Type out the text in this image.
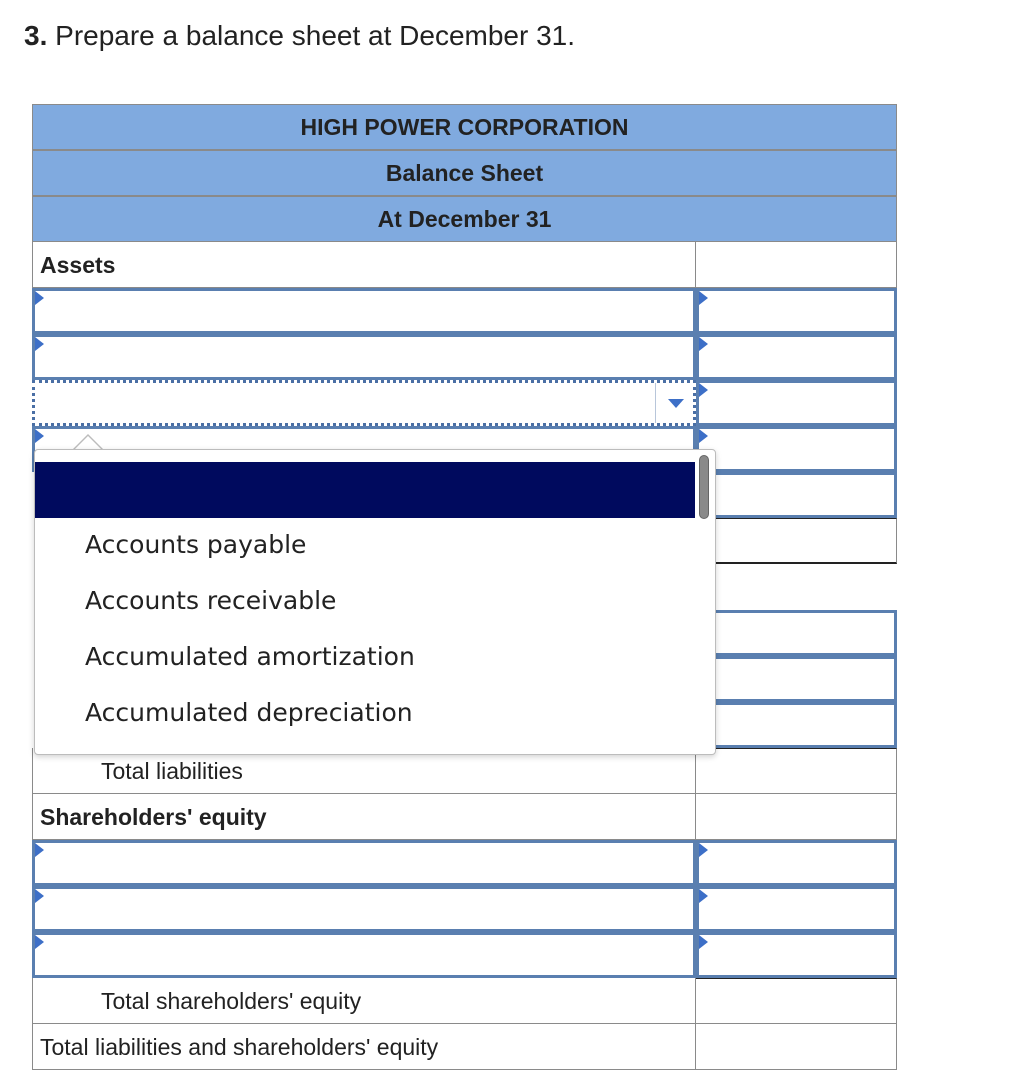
3. Prepare a balance sheet at December 31.
HIGH POWER CORPORATION
Balance Sheet
At December 31
Assets
Total liabilities
Shareholders' equity
Total shareholders' equity
Total liabilities and shareholders' equity
Accounts payable
Accounts receivable
Accumulated amortization
Accumulated depreciation
